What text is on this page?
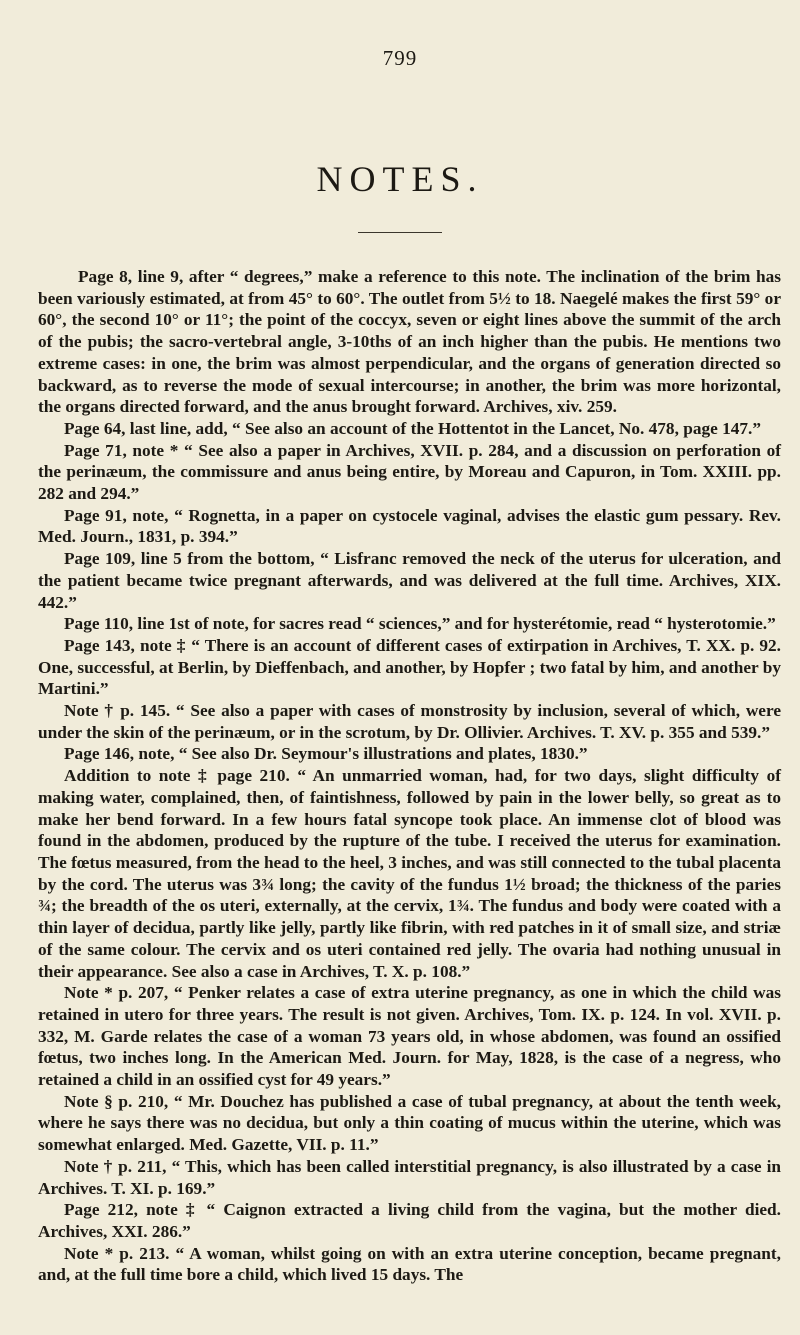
799
NOTES.

Page 8, line 9, after “ degrees,” make a reference to this note. The inclination of the brim has been variously estimated, at from 45° to 60°. The outlet from 5½ to 18. Naegelé makes the first 59° or 60°, the second 10° or 11°; the point of the coccyx, seven or eight lines above the summit of the arch of the pubis; the sacro-vertebral angle, 3-10ths of an inch higher than the pubis. He mentions two extreme cases: in one, the brim was almost perpendicular, and the organs of generation directed so backward, as to reverse the mode of sexual intercourse; in another, the brim was more horizontal, the organs directed forward, and the anus brought forward. Archives, xiv. 259.

Page 64, last line, add, “ See also an account of the Hottentot in the Lancet, No. 478, page 147.”

Page 71, note * “ See also a paper in Archives, XVII. p. 284, and a discussion on perforation of the perinæum, the commissure and anus being entire, by Moreau and Capuron, in Tom. XXIII. pp. 282 and 294.”

Page 91, note, “ Rognetta, in a paper on cystocele vaginal, advises the elastic gum pessary. Rev. Med. Journ., 1831, p. 394.”

Page 109, line 5 from the bottom, “ Lisfranc removed the neck of the uterus for ulceration, and the patient became twice pregnant afterwards, and was delivered at the full time. Archives, XIX. 442.”

Page 110, line 1st of note, for sacres read “ sciences,” and for hysterétomie, read “ hysterotomie.”

Page 143, note ‡ “ There is an account of different cases of extirpation in Archives, T. XX. p. 92. One, successful, at Berlin, by Dieffenbach, and another, by Hopfer ; two fatal by him, and another by Martini.”

Note † p. 145. “ See also a paper with cases of monstrosity by inclusion, several of which, were under the skin of the perinæum, or in the scrotum, by Dr. Ollivier. Archives. T. XV. p. 355 and 539.”

Page 146, note, “ See also Dr. Seymour's illustrations and plates, 1830.”

Addition to note ‡ page 210. “ An unmarried woman, had, for two days, slight difficulty of making water, complained, then, of faintishness, followed by pain in the lower belly, so great as to make her bend forward. In a few hours fatal syncope took place. An immense clot of blood was found in the abdomen, produced by the rupture of the tube. I received the uterus for examination. The fœtus measured, from the head to the heel, 3 inches, and was still connected to the tubal placenta by the cord. The uterus was 3¾ long; the cavity of the fundus 1½ broad; the thickness of the paries ¾; the breadth of the os uteri, externally, at the cervix, 1¾. The fundus and body were coated with a thin layer of decidua, partly like jelly, partly like fibrin, with red patches in it of small size, and striæ of the same colour. The cervix and os uteri contained red jelly. The ovaria had nothing unusual in their appearance. See also a case in Archives, T. X. p. 108.”

Note * p. 207, “ Penker relates a case of extra uterine pregnancy, as one in which the child was retained in utero for three years. The result is not given. Archives, Tom. IX. p. 124. In vol. XVII. p. 332, M. Garde relates the case of a woman 73 years old, in whose abdomen, was found an ossified fœtus, two inches long. In the American Med. Journ. for May, 1828, is the case of a negress, who retained a child in an ossified cyst for 49 years.”

Note § p. 210, “ Mr. Douchez has published a case of tubal pregnancy, at about the tenth week, where he says there was no decidua, but only a thin coating of mucus within the uterine, which was somewhat enlarged. Med. Gazette, VII. p. 11.”

Note † p. 211, “ This, which has been called interstitial pregnancy, is also illustrated by a case in Archives. T. XI. p. 169.”

Page 212, note ‡ “ Caignon extracted a living child from the vagina, but the mother died. Archives, XXI. 286.”

Note * p. 213. “ A woman, whilst going on with an extra uterine conception, became pregnant, and, at the full time bore a child, which lived 15 days. The
